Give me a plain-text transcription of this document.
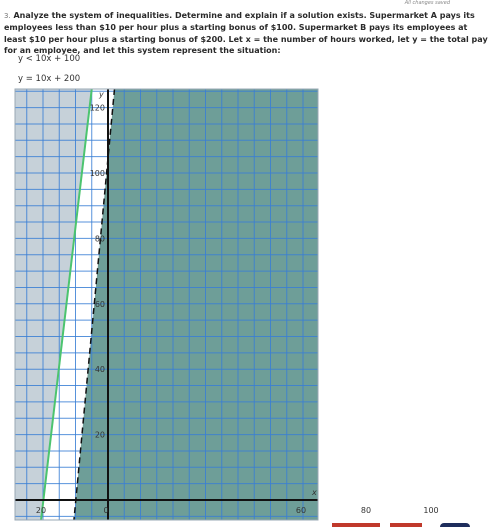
All changes saved
3. Analyze the system of inequalities. Determine and explain if a solution exists. Supermarket A pays its employees less than $10 per hour plus a starting bonus of $100. Supermarket B pays its employees at least $10 per hour plus a starting bonus of $200. Let x = the number of hours worked, let y = the total pay for an employee, and let this system represent the situation:
y < 10x + 100
y = 10x + 200
20
40
60
80
100
120
20	0	60	80	100
x
y
